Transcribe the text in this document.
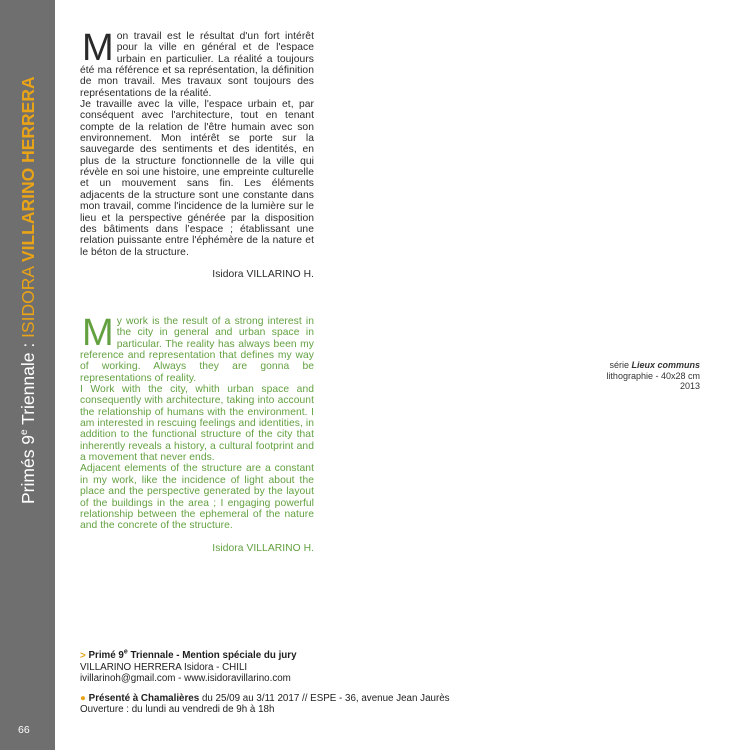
Primés 9e Triennale : ISIDORA VILLARINO HERRERA
66
M on travail est le résultat d'un fort intérêt pour la ville en général et de l'espace urbain en particulier. La réalité a toujours été ma référence et sa représentation, la définition de mon travail. Mes travaux sont toujours des représentations de la réalité.

Je travaille avec la ville, l'espace urbain et, par conséquent avec l'architecture, tout en tenant compte de la relation de l'être humain avec son environnement. Mon intérêt se porte sur la sauvegarde des sentiments et des identités, en plus de la structure fonctionnelle de la ville qui révèle en soi une histoire, une empreinte culturelle et un mouvement sans fin. Les éléments adjacents de la structure sont une constante dans mon travail, comme l'incidence de la lumière sur le lieu et la perspective générée par la disposition des bâtiments dans l’espace ; établissant une relation puissante entre l'éphémère de la nature et le béton de la structure.

Isidora VILLARINO H.

M y work is the result of a strong interest in the city in general and urban space in particular. The reality has always been my reference and representation that defines my way of working. Always they are gonna be representations of reality.

I Work with the city, whith urban space and consequently with architecture, taking into account the relationship of humans with the environment. I am interested in rescuing feelings and identities, in addition to the functional structure of the city that inherently reveals a history, a cultural footprint and a movement that never ends.

Adjacent elements of the structure are a constant in my work, like the incidence of light about the place and the perspective generated by the layout of the buildings in the area ; I engaging powerful relationship between the ephemeral of the nature and the concrete of the structure.

Isidora VILLARINO H.

série Lieux communs
lithographie - 40x28 cm
2013
> Primé 9e Triennale - Mention spéciale du jury
VILLARINO HERRERA Isidora - CHILI
ivillarinoh@gmail.com - www.isidoravillarino.com
● Présenté à Chamalières du 25/09 au 3/11 2017 // ESPE - 36, avenue Jean Jaurès
Ouverture : du lundi au vendredi de 9h à 18h
